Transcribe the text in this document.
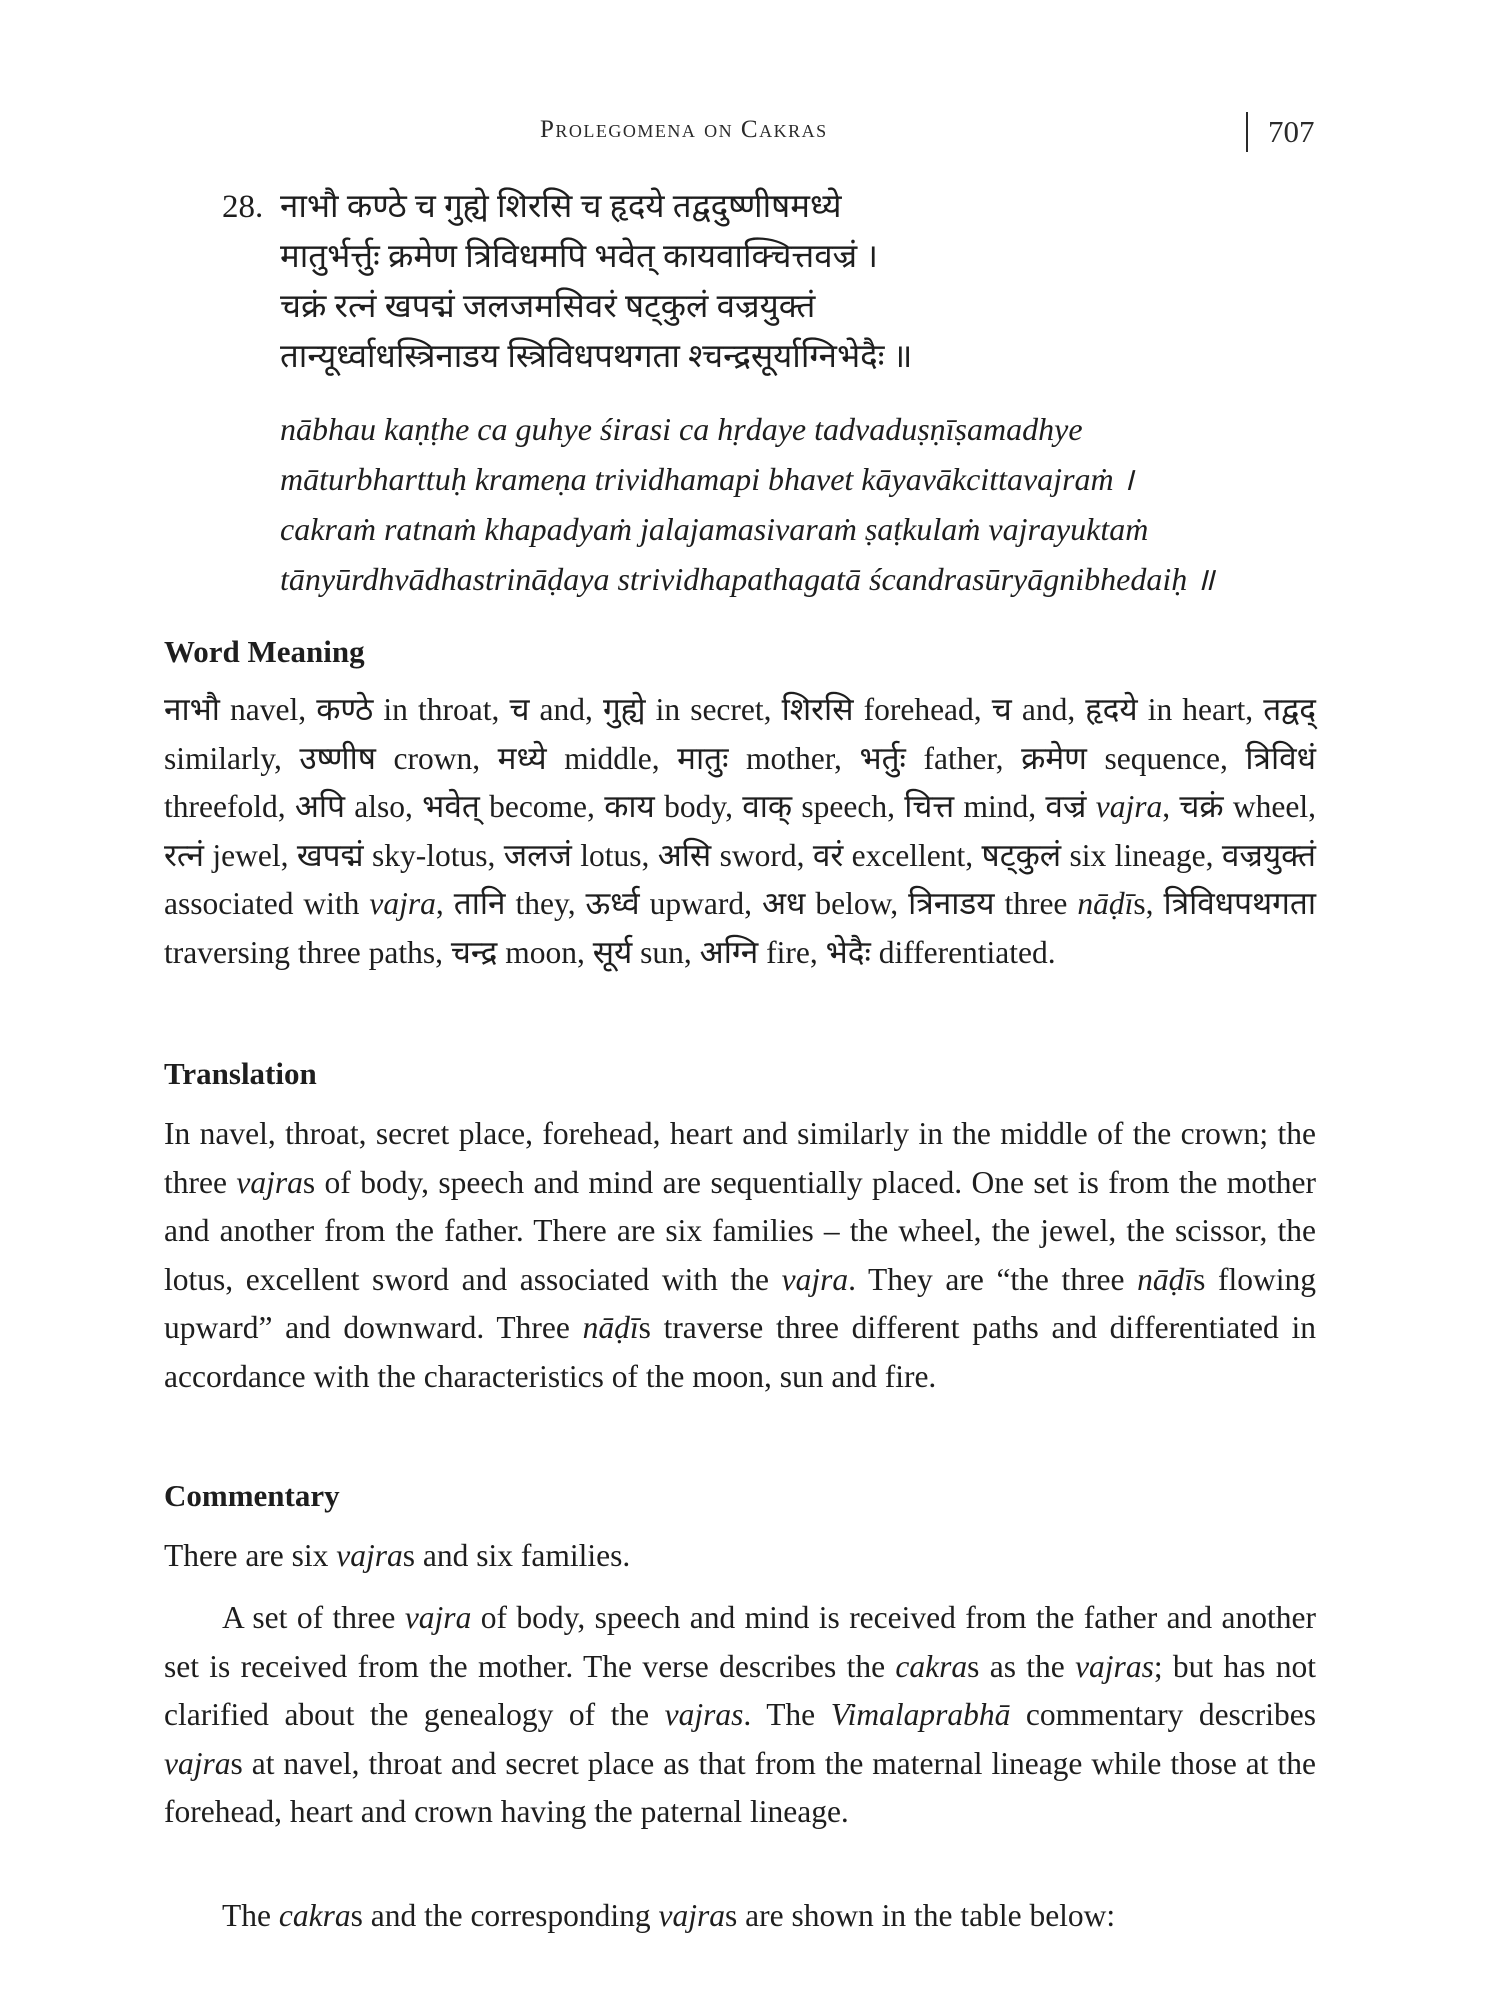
Prolegomena on Cakras	707
28. नाभौ कण्ठे च गुह्ये शिरसि च हृदये तद्वदुष्णीषमध्ये
मातुर्भर्त्तुः क्रमेण त्रिविधमपि भवेत् कायवाक्चित्तवज्रं ।
चक्रं रत्नं खपद्मं जलजमसिवरं षट्कुलं वज्रयुक्तं
तान्यूर्ध्वाधस्त्रिनाडय स्त्रिविधपथगता श्चन्द्रसूर्याग्निभेदैः ॥
nābhau kaṇṭhe ca guhye śirasi ca hṛdaye tadvaduṣṇīṣamadhye
māturbharttuḥ krameṇa trividhamapi bhavet kāyavākcittavajraṁ ।
cakraṁ ratnaṁ khapadyaṁ jalajamasivaraṁ ṣaṭkulaṁ vajrayuktaṁ
tānyūrdhvādhastrināḍaya strividhapathagatā ścandrasūryāgnibhedaiḥ ॥
Word Meaning

नाभौ navel, कण्ठे in throat, च and, गुह्ये in secret, शिरसि forehead, च and, हृदये in heart, तद्वद् similarly, उष्णीष crown, मध्ये middle, मातुः mother, भर्तुः father, क्रमेण sequence, त्रिविधं threefold, अपि also, भवेत् become, काय body, वाक् speech, चित्त mind, वज्रं vajra, चक्रं wheel, रत्नं jewel, खपद्मं sky-lotus, जलजं lotus, असि sword, वरं excellent, षट्कुलं six lineage, वज्रयुक्तं associated with vajra, तानि they, ऊर्ध्व upward, अध below, त्रिनाडय three nāḍīs, त्रिविधपथगता traversing three paths, चन्द्र moon, सूर्य sun, अग्नि fire, भेदैः differentiated.

Translation

In navel, throat, secret place, forehead, heart and similarly in the middle of the crown; the three vajras of body, speech and mind are sequentially placed. One set is from the mother and another from the father. There are six families – the wheel, the jewel, the scissor, the lotus, excellent sword and associated with the vajra. They are “the three nāḍīs flowing upward” and downward. Three nāḍīs traverse three different paths and differentiated in accordance with the characteristics of the moon, sun and fire.

Commentary

There are six vajras and six families.

A set of three vajra of body, speech and mind is received from the father and another set is received from the mother. The verse describes the cakras as the vajras; but has not clarified about the genealogy of the vajras. The Vimalaprabhā commentary describes vajras at navel, throat and secret place as that from the maternal lineage while those at the forehead, heart and crown having the paternal lineage.

The cakras and the corresponding vajras are shown in the table below:
